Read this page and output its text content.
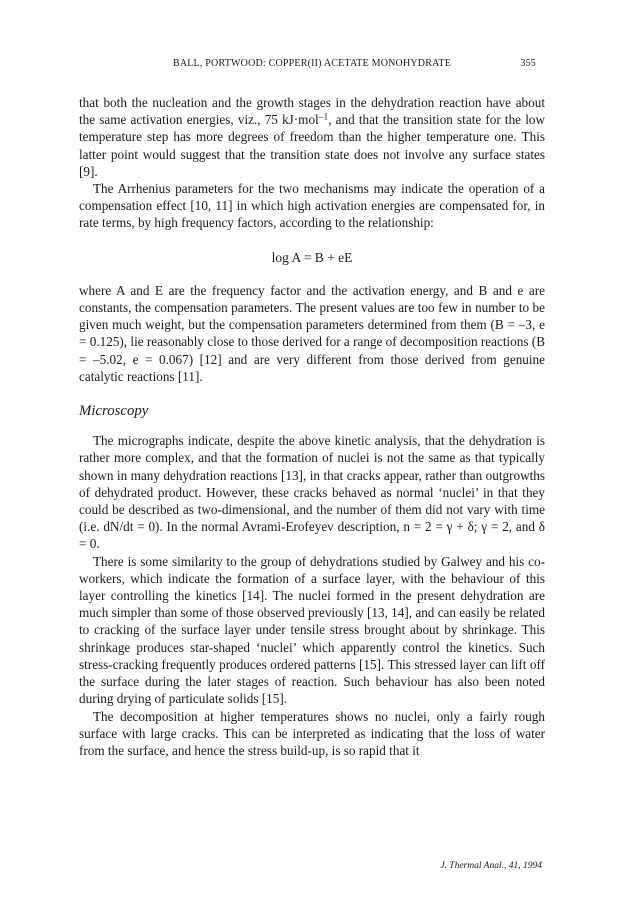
BALL, PORTWOOD: COPPER(II) ACETATE MONOHYDRATE	355

that both the nucleation and the growth stages in the dehydration reaction have about the same activation energies, viz., 75 kJ·mol$^{-1}$, and that the transition state for the low temperature step has more degrees of freedom than the higher temperature one. This latter point would suggest that the transition state does not involve any surface states [9].

The Arrhenius parameters for the two mechanisms may indicate the operation of a compensation effect [10, 11] in which high activation energies are compensated for, in rate terms, by high frequency factors, according to the relationship:

log A = B + eE

where A and E are the frequency factor and the activation energy, and B and e are constants, the compensation parameters. The present values are too few in number to be given much weight, but the compensation parameters determined from them (B = –3, e = 0.125), lie reasonably close to those derived for a range of decomposition reactions (B = –5.02, e = 0.067) [12] and are very different from those derived from genuine catalytic reactions [11].

Microscopy

The micrographs indicate, despite the above kinetic analysis, that the dehydration is rather more complex, and that the formation of nuclei is not the same as that typically shown in many dehydration reactions [13], in that cracks appear, rather than outgrowths of dehydrated product. However, these cracks behaved as normal ‘nuclei’ in that they could be described as two-dimensional, and the number of them did not vary with time (i.e. dN/dt = 0). In the normal Avrami-Erofeyev description, n = 2 = γ + δ; γ = 2, and δ = 0.

There is some similarity to the group of dehydrations studied by Galwey and his co-workers, which indicate the formation of a surface layer, with the behaviour of this layer controlling the kinetics [14]. The nuclei formed in the present dehydration are much simpler than some of those observed previously [13, 14], and can easily be related to cracking of the surface layer under tensile stress brought about by shrinkage. This shrinkage produces star-shaped ‘nuclei’ which apparently control the kinetics. Such stress-cracking frequently produces ordered patterns [15]. This stressed layer can lift off the surface during the later stages of reaction. Such behaviour has also been noted during drying of particulate solids [15].

The decomposition at higher temperatures shows no nuclei, only a fairly rough surface with large cracks. This can be interpreted as indicating that the loss of water from the surface, and hence the stress build-up, is so rapid that it

J. Thermal Anal., 41, 1994
